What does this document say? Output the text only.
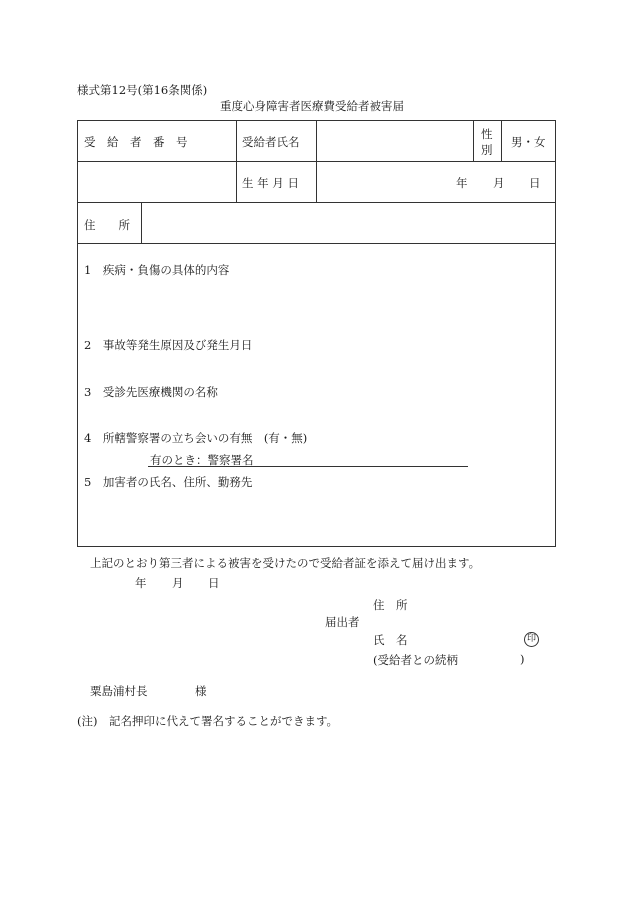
様式第12号(第16条関係)
重度心身障害者医療費受給者被害届
受　給　者　番　号	受給者氏名
性
別
男・女
生 年 月 日	年 月 日
住　　所
1　疾病・負傷の具体的内容
2　事故等発生原因及び発生月日
3　受診先医療機関の名称
4　所轄警察署の立ち会いの有無　(有・無)
有のとき：警察署名
5　加害者の氏名、住所、勤務先
上記のとおり第三者による被害を受けたので受給者証を添えて届け出ます。
年 月 日
住　所
届出者
氏　名	印
(受給者との続柄	)
粟島浦村長	様
(注)　記名押印に代えて署名することができます。
